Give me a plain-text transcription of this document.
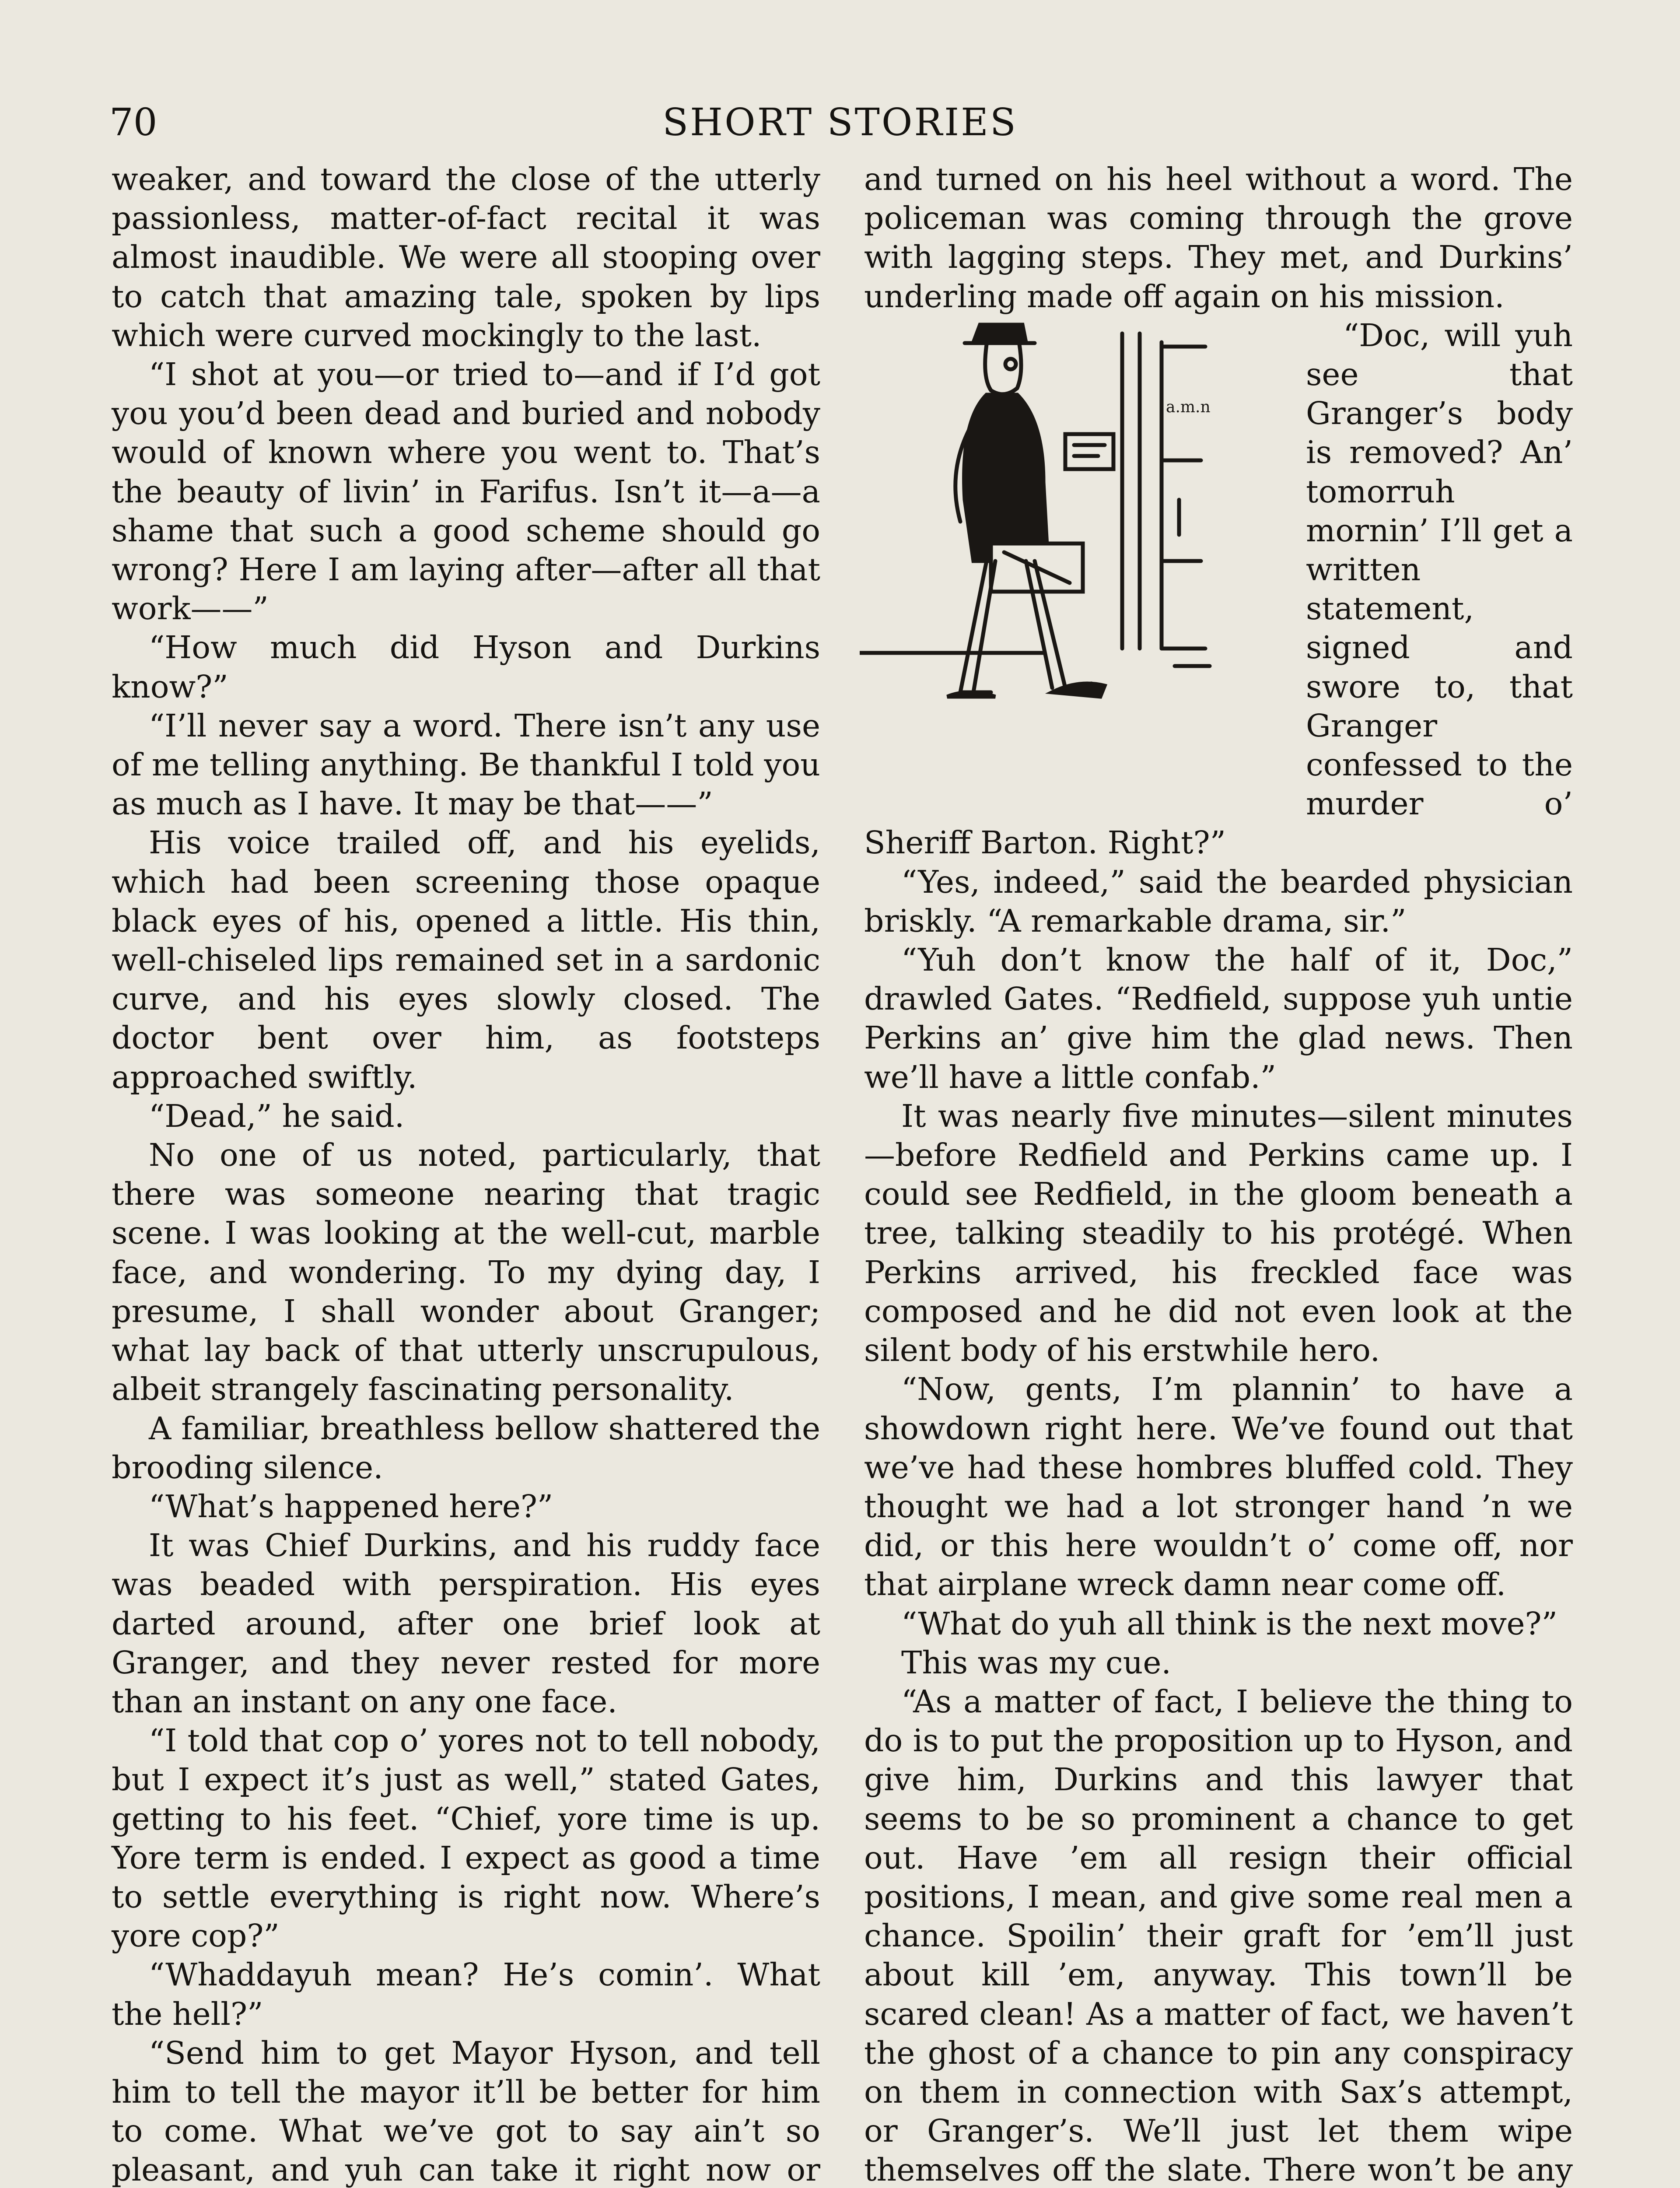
70	SHORT STORIES

weaker, and toward the close of the utterly passionless, matter-of-fact recital it was almost inaudible. We were all stooping over to catch that amazing tale, spoken by lips which were curved mockingly to the last.

“I shot at you—or tried to—and if I’d got you you’d been dead and buried and nobody would of known where you went to. That’s the beauty of livin’ in Farifus. Isn’t it—a—a shame that such a good scheme should go wrong? Here I am laying after—after all that work——”

“How much did Hyson and Durkins know?”

“I’ll never say a word. There isn’t any use of me telling anything. Be thankful I told you as much as I have. It may be that——”

His voice trailed off, and his eyelids, which had been screening those opaque black eyes of his, opened a little. His thin, well-chiseled lips remained set in a sardonic curve, and his eyes slowly closed. The doctor bent over him, as footsteps approached swiftly.

“Dead,” he said.

No one of us noted, particularly, that there was someone nearing that tragic scene. I was looking at the well-cut, marble face, and wondering. To my dying day, I presume, I shall wonder about Granger; what lay back of that utterly unscrupulous, albeit strangely fascinating personality.

A familiar, breathless bellow shattered the brooding silence.

“What’s happened here?”

It was Chief Durkins, and his ruddy face was beaded with perspiration. His eyes darted around, after one brief look at Granger, and they never rested for more than an instant on any one face.

“I told that cop o’ yores not to tell nobody, but I expect it’s just as well,” stated Gates, getting to his feet. “Chief, yore time is up. Yore term is ended. I expect as good a time to settle everything is right now. Where’s yore cop?”

“Whaddayuh mean? He’s comin’. What the hell?”

“Send him to get Mayor Hyson, and tell him to tell the mayor it’ll be better for him to come. What we’ve got to say ain’t so pleasant, and yuh can take it right now or

and turned on his heel without a word. The policeman was coming through the grove with lagging steps. They met, and Durkins’ underling made off again on his mission.

a.m.n

“Doc, will yuh see that Granger’s body is removed? An’ tomorruh mornin’ I’ll get a written statement, signed and swore to, that Granger confessed to the murder o’ Sheriff Barton. Right?”

“Yes, indeed,” said the bearded physician briskly. “A remarkable drama, sir.”

“Yuh don’t know the half of it, Doc,” drawled Gates. “Redfield, suppose yuh untie Perkins an’ give him the glad news. Then we’ll have a little confab.”

It was nearly five minutes—silent minutes—before Redfield and Perkins came up. I could see Redfield, in the gloom beneath a tree, talking steadily to his protégé. When Perkins arrived, his freckled face was composed and he did not even look at the silent body of his erstwhile hero.

“Now, gents, I’m plannin’ to have a showdown right here. We’ve found out that we’ve had these hombres bluffed cold. They thought we had a lot stronger hand ’n we did, or this here wouldn’t o’ come off, nor that airplane wreck damn near come off.

“What do yuh all think is the next move?”

This was my cue.

“As a matter of fact, I believe the thing to do is to put the proposition up to Hyson, and give him, Durkins and this lawyer that seems to be so prominent a chance to get out. Have ’em all resign their official positions, I mean, and give some real men a chance. Spoilin’ their graft for ’em’ll just about kill ’em, anyway. This town’ll be scared clean! As a matter of fact, we haven’t the ghost of a chance to pin any conspiracy on them in connection with Sax’s attempt, or Granger’s. We’ll just let them wipe themselves off the slate. There won’t be any
